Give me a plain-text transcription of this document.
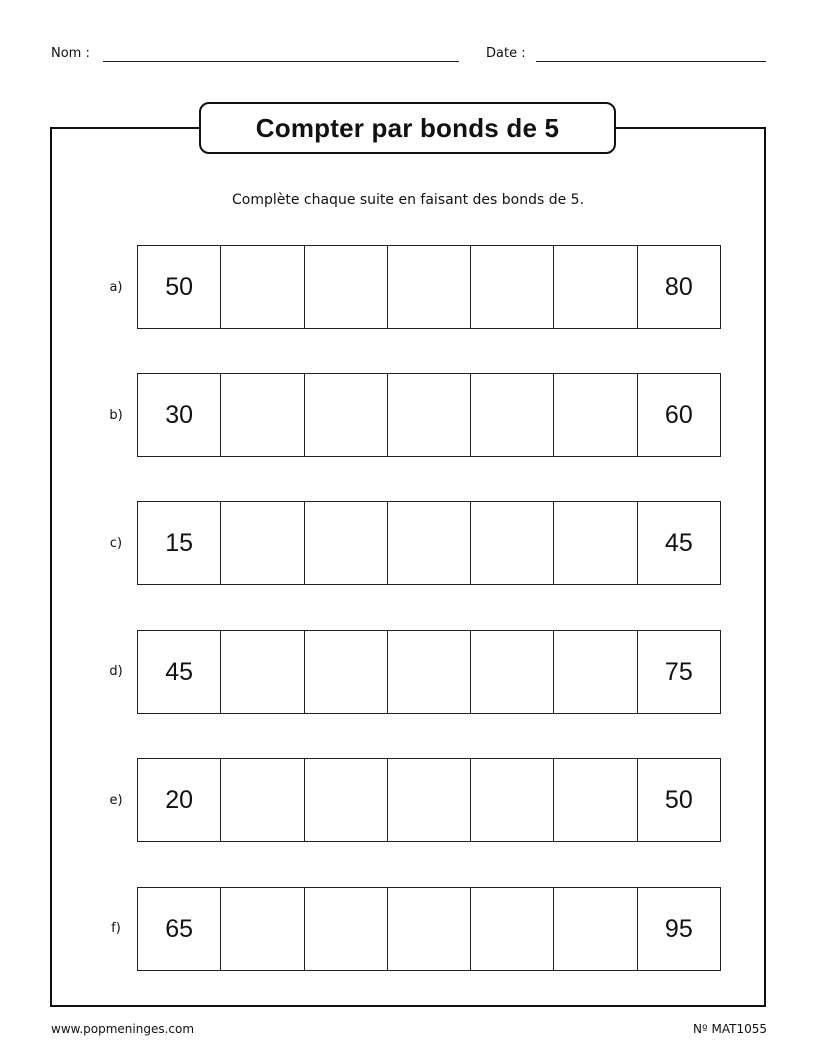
Nom :	Date :
Compter par bonds de 5
Complète chaque suite en faisant des bonds de 5.
a)	50	80
b)	30	60
c)	15	45
d)	45	75
e)	20	50
f)	65	95
www.popmeninges.com	Nº MAT1055
